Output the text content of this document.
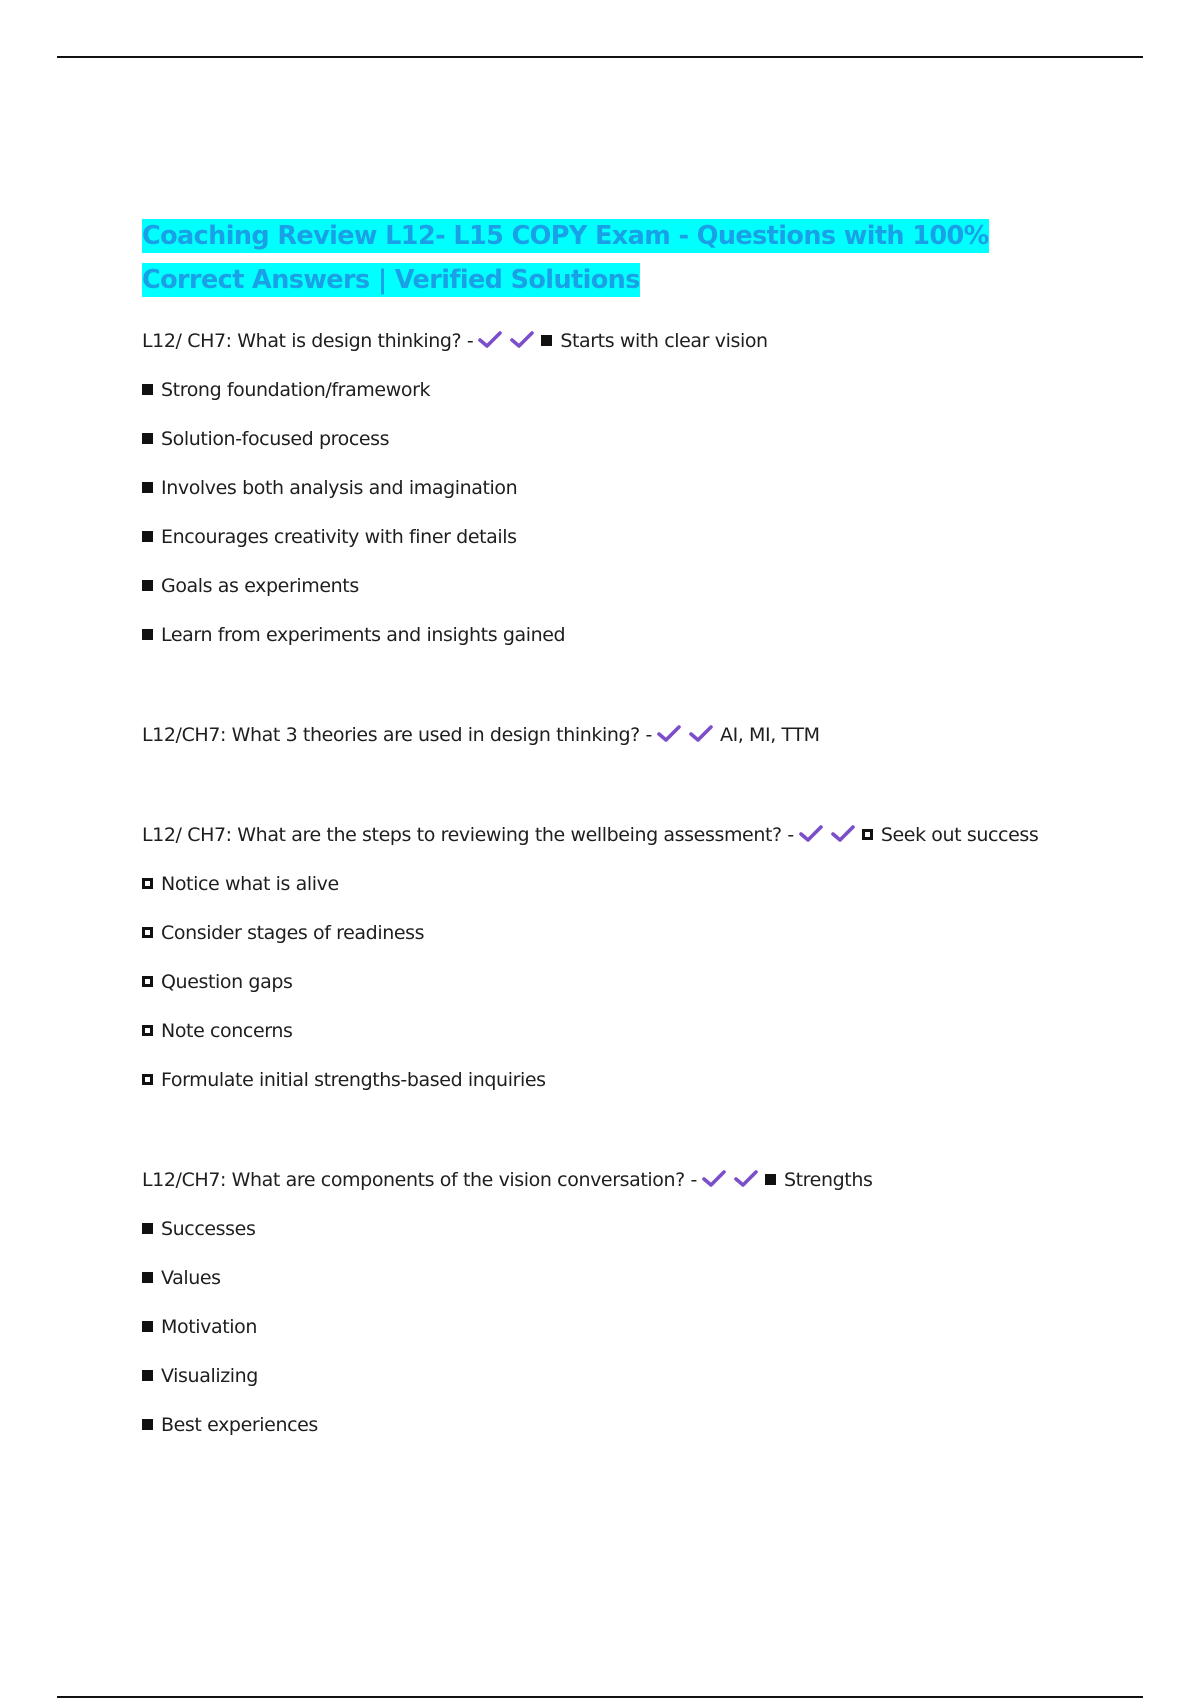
Coaching Review L12- L15 COPY Exam - Questions with 100% Correct Answers | Verified Solutions

L12/ CH7: What is design thinking? -	Starts with clear vision

Strong foundation/framework

Solution-focused process

Involves both analysis and imagination

Encourages creativity with finer details

Goals as experiments

Learn from experiments and insights gained

L12/CH7: What 3 theories are used in design thinking? -	AI, MI, TTM

L12/ CH7: What are the steps to reviewing the wellbeing assessment? -	Seek out success

Notice what is alive

Consider stages of readiness

Question gaps

Note concerns

Formulate initial strengths-based inquiries

L12/CH7: What are components of the vision conversation? -	Strengths

Successes

Values

Motivation

Visualizing

Best experiences
